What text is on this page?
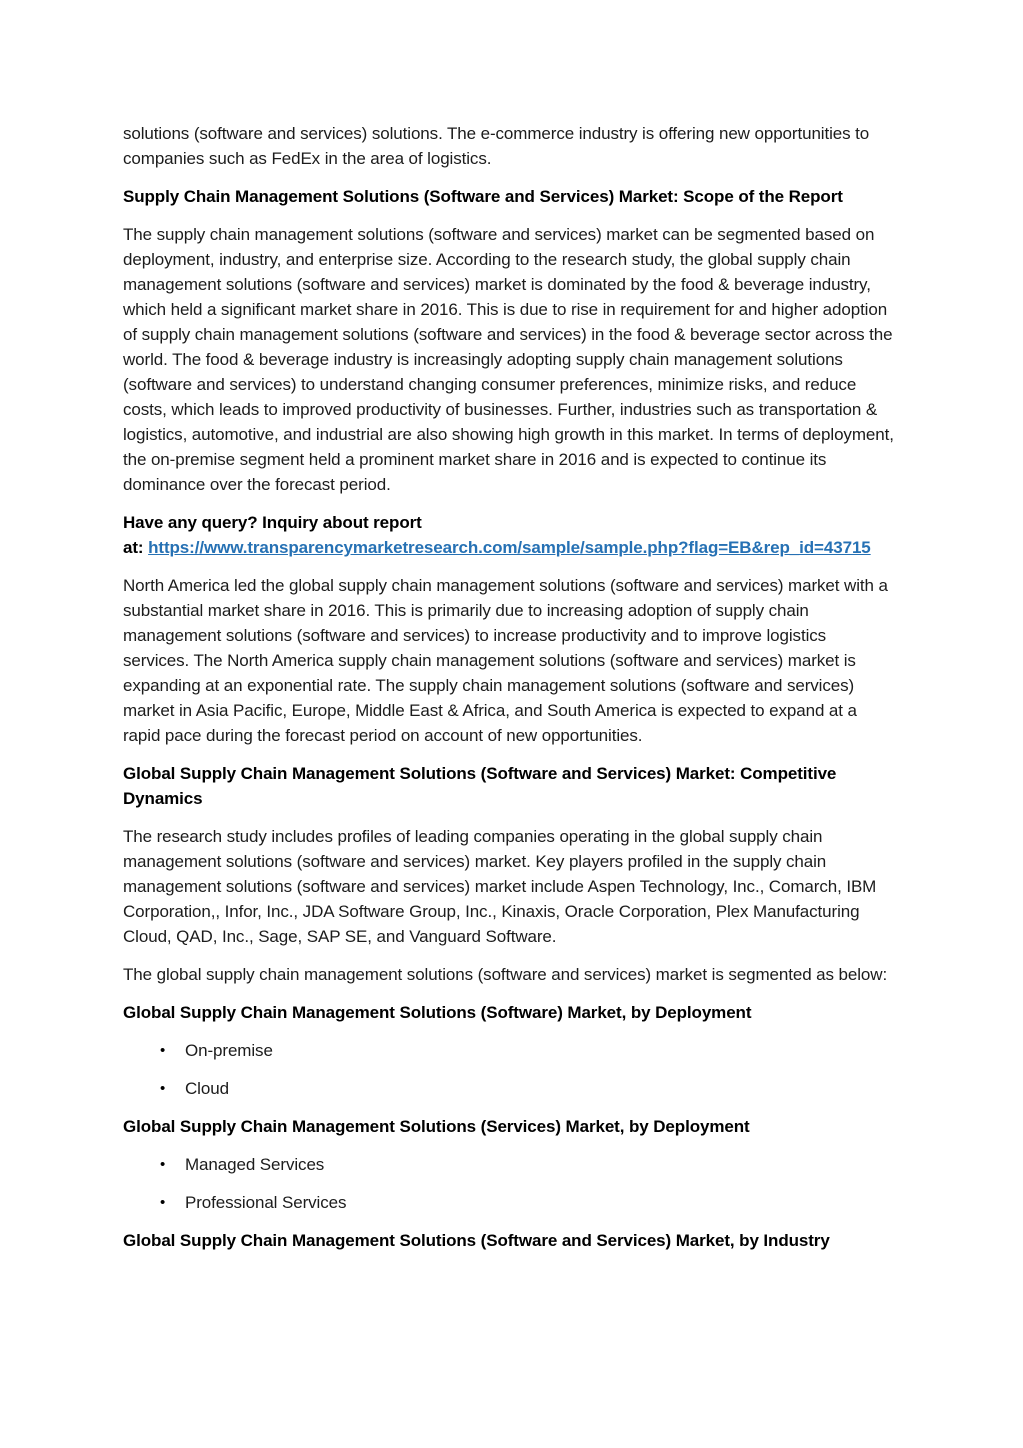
solutions (software and services) solutions. The e-commerce industry is offering new opportunities to companies such as FedEx in the area of logistics.

Supply Chain Management Solutions (Software and Services) Market: Scope of the Report

The supply chain management solutions (software and services) market can be segmented based on deployment, industry, and enterprise size. According to the research study, the global supply chain management solutions (software and services) market is dominated by the food & beverage industry, which held a significant market share in 2016. This is due to rise in requirement for and higher adoption of supply chain management solutions (software and services) in the food & beverage sector across the world. The food & beverage industry is increasingly adopting supply chain management solutions (software and services) to understand changing consumer preferences, minimize risks, and reduce costs, which leads to improved productivity of businesses. Further, industries such as transportation & logistics, automotive, and industrial are also showing high growth in this market. In terms of deployment, the on-premise segment held a prominent market share in 2016 and is expected to continue its dominance over the forecast period.

Have any query? Inquiry about report
at: https://www.transparencymarketresearch.com/sample/sample.php?flag=EB&rep_id=43715

North America led the global supply chain management solutions (software and services) market with a substantial market share in 2016. This is primarily due to increasing adoption of supply chain management solutions (software and services) to increase productivity and to improve logistics services. The North America supply chain management solutions (software and services) market is expanding at an exponential rate. The supply chain management solutions (software and services) market in Asia Pacific, Europe, Middle East & Africa, and South America is expected to expand at a rapid pace during the forecast period on account of new opportunities.

Global Supply Chain Management Solutions (Software and Services) Market: Competitive Dynamics

The research study includes profiles of leading companies operating in the global supply chain management solutions (software and services) market. Key players profiled in the supply chain management solutions (software and services) market include Aspen Technology, Inc., Comarch, IBM Corporation,, Infor, Inc., JDA Software Group, Inc., Kinaxis, Oracle Corporation, Plex Manufacturing Cloud, QAD, Inc., Sage, SAP SE, and Vanguard Software.

The global supply chain management solutions (software and services) market is segmented as below:

Global Supply Chain Management Solutions (Software) Market, by Deployment

• On-premise
• Cloud

Global Supply Chain Management Solutions (Services) Market, by Deployment

• Managed Services
• Professional Services

Global Supply Chain Management Solutions (Software and Services) Market, by Industry
